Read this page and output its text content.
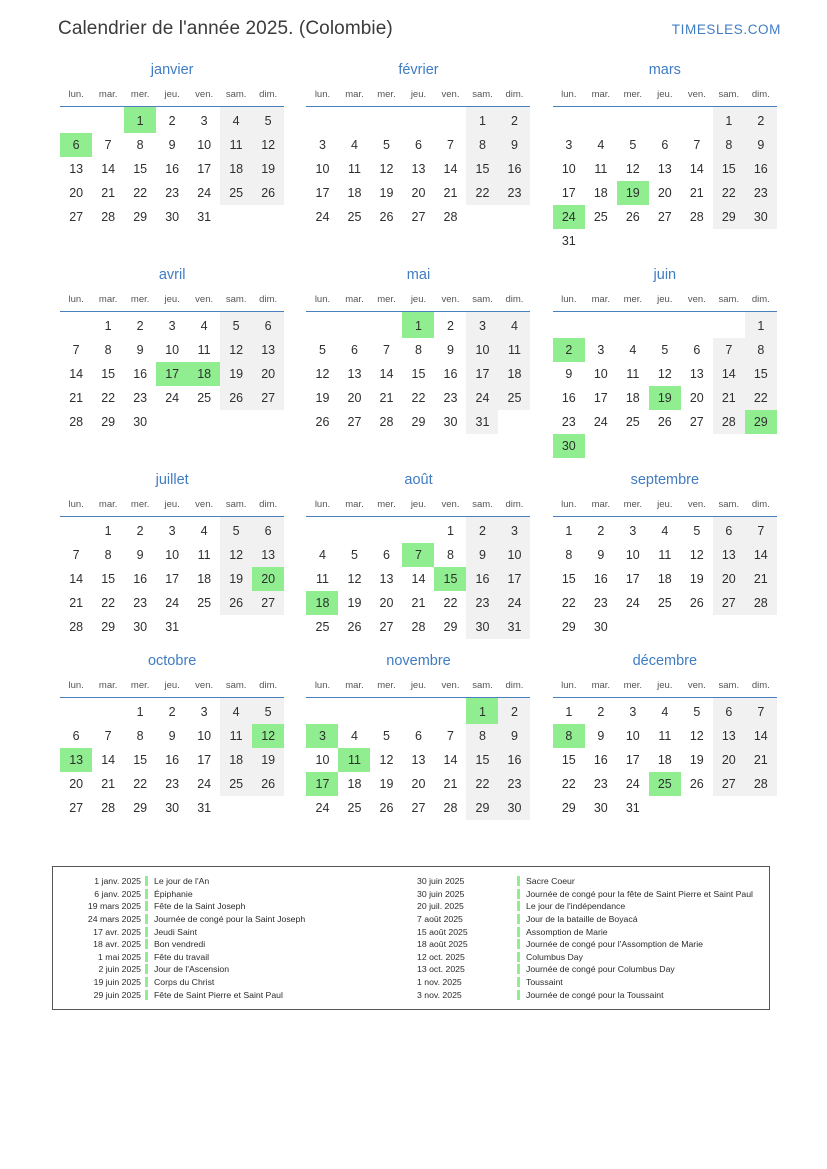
Calendrier de l'année 2025. (Colombie)	TIMESLES.COM
janvier
lun.	mar.	mer.	jeu.	ven.	sam.	dim.
		1	2	3	4	5
6	7	8	9	10	11	12
13	14	15	16	17	18	19
20	21	22	23	24	25	26
27	28	29	30	31		
février
lun.	mar.	mer.	jeu.	ven.	sam.	dim.
					1	2
3	4	5	6	7	8	9
10	11	12	13	14	15	16
17	18	19	20	21	22	23
24	25	26	27	28		
mars
lun.	mar.	mer.	jeu.	ven.	sam.	dim.
					1	2
3	4	5	6	7	8	9
10	11	12	13	14	15	16
17	18	19	20	21	22	23
24	25	26	27	28	29	30
31						
avril
lun.	mar.	mer.	jeu.	ven.	sam.	dim.
	1	2	3	4	5	6
7	8	9	10	11	12	13
14	15	16	17	18	19	20
21	22	23	24	25	26	27
28	29	30				
mai
lun.	mar.	mer.	jeu.	ven.	sam.	dim.
			1	2	3	4
5	6	7	8	9	10	11
12	13	14	15	16	17	18
19	20	21	22	23	24	25
26	27	28	29	30	31	
juin
lun.	mar.	mer.	jeu.	ven.	sam.	dim.
						1
2	3	4	5	6	7	8
9	10	11	12	13	14	15
16	17	18	19	20	21	22
23	24	25	26	27	28	29
30						
juillet
lun.	mar.	mer.	jeu.	ven.	sam.	dim.
	1	2	3	4	5	6
7	8	9	10	11	12	13
14	15	16	17	18	19	20
21	22	23	24	25	26	27
28	29	30	31			
août
lun.	mar.	mer.	jeu.	ven.	sam.	dim.
				1	2	3
4	5	6	7	8	9	10
11	12	13	14	15	16	17
18	19	20	21	22	23	24
25	26	27	28	29	30	31
septembre
lun.	mar.	mer.	jeu.	ven.	sam.	dim.
1	2	3	4	5	6	7
8	9	10	11	12	13	14
15	16	17	18	19	20	21
22	23	24	25	26	27	28
29	30					
octobre
lun.	mar.	mer.	jeu.	ven.	sam.	dim.
		1	2	3	4	5
6	7	8	9	10	11	12
13	14	15	16	17	18	19
20	21	22	23	24	25	26
27	28	29	30	31		
novembre
lun.	mar.	mer.	jeu.	ven.	sam.	dim.
					1	2
3	4	5	6	7	8	9
10	11	12	13	14	15	16
17	18	19	20	21	22	23
24	25	26	27	28	29	30
décembre
lun.	mar.	mer.	jeu.	ven.	sam.	dim.
1	2	3	4	5	6	7
8	9	10	11	12	13	14
15	16	17	18	19	20	21
22	23	24	25	26	27	28
29	30	31				
1 janv. 2025	Le jour de l'An
6 janv. 2025	Épiphanie
19 mars 2025	Fête de la Saint Joseph
24 mars 2025	Journée de congé pour la Saint Joseph
17 avr. 2025	Jeudi Saint
18 avr. 2025	Bon vendredi
1 mai 2025	Fête du travail
2 juin 2025	Jour de l'Ascension
19 juin 2025	Corps du Christ
29 juin 2025	Fête de Saint Pierre et Saint Paul
30 juin 2025	Sacre Coeur
30 juin 2025	Journée de congé pour la fête de Saint Pierre et Saint Paul
20 juil. 2025	Le jour de l'indépendance
7 août 2025	Jour de la bataille de Boyacá
15 août 2025	Assomption de Marie
18 août 2025	Journée de congé pour l'Assomption de Marie
12 oct. 2025	Columbus Day
13 oct. 2025	Journée de congé pour Columbus Day
1 nov. 2025	Toussaint
3 nov. 2025	Journée de congé pour la Toussaint
